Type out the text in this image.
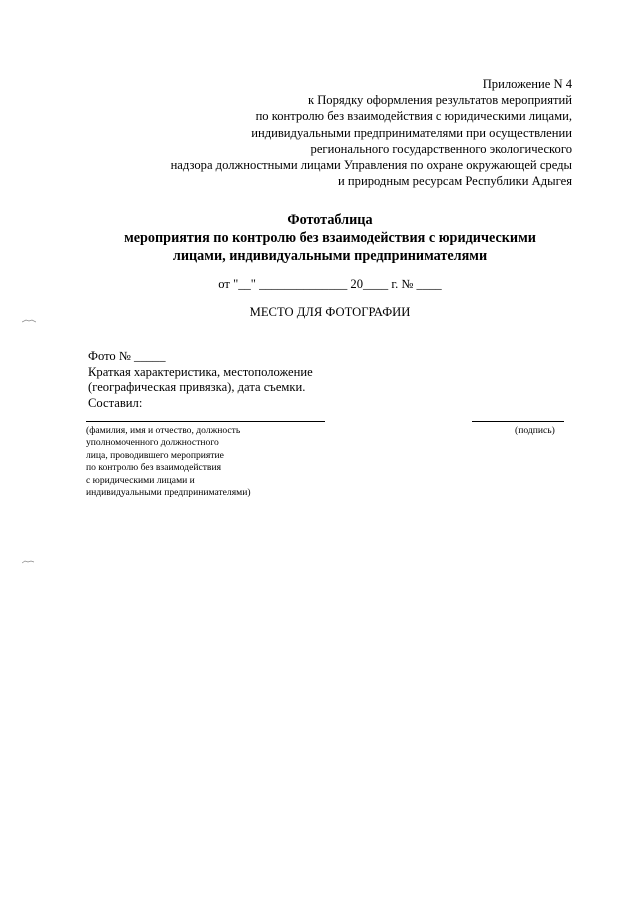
Приложение N 4
к Порядку оформления результатов мероприятий
по контролю без взаимодействия с юридическими лицами,
индивидуальными предпринимателями при осуществлении
регионального государственного экологического
надзора должностными лицами Управления по охране окружающей среды
и природным ресурсам Республики Адыгея
Фототаблица
мероприятия по контролю без взаимодействия с юридическими
лицами, индивидуальными предпринимателями
от "__" ______________ 20____ г. № ____
МЕСТО ДЛЯ ФОТОГРАФИИ
Фото № _____
Краткая характеристика, местоположение
(географическая привязка), дата съемки.
Составил:
(фамилия, имя и отчество, должность
уполномоченного должностного
лица, проводившего мероприятие
по контролю без взаимодействия
с юридическими лицами и
индивидуальными предпринимателями)
(подпись)
